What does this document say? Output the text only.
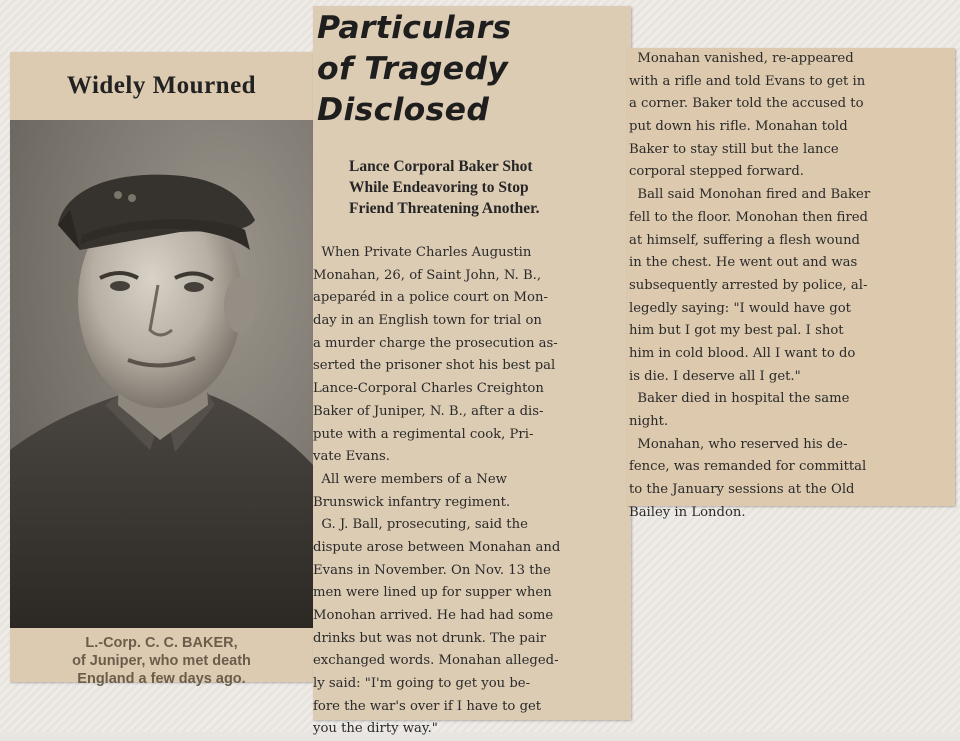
Widely Mourned
L.-Corp. C. C. BAKER,
of Juniper, who met death
England a few days ago.
Particulars
of Tragedy
Disclosed
Lance Corporal Baker Shot
While Endeavoring to Stop
Friend Threatening Another.
When Private Charles Augustin
Monahan, 26, of Saint John, N. B.,
apeparéd in a police court on Mon-
day in an English town for trial on
a murder charge the prosecution as-
serted the prisoner shot his best pal
Lance-Corporal Charles Creighton
Baker of Juniper, N. B., after a dis-
pute with a regimental cook, Pri-
vate Evans.
All were members of a New
Brunswick infantry regiment.
G. J. Ball, prosecuting, said the
dispute arose between Monahan and
Evans in November. On Nov. 13 the
men were lined up for supper when
Monohan arrived. He had had some
drinks but was not drunk. The pair
exchanged words. Monahan alleged-
ly said: "I'm going to get you be-
fore the war's over if I have to get
you the dirty way."
Monahan vanished, re-appeared
with a rifle and told Evans to get in
a corner. Baker told the accused to
put down his rifle. Monahan told
Baker to stay still but the lance
corporal stepped forward.
Ball said Monohan fired and Baker
fell to the floor. Monohan then fired
at himself, suffering a flesh wound
in the chest. He went out and was
subsequently arrested by police, al-
legedly saying: "I would have got
him but I got my best pal. I shot
him in cold blood. All I want to do
is die. I deserve all I get."
Baker died in hospital the same
night.
Monahan, who reserved his de-
fence, was remanded for committal
to the January sessions at the Old
Bailey in London.
